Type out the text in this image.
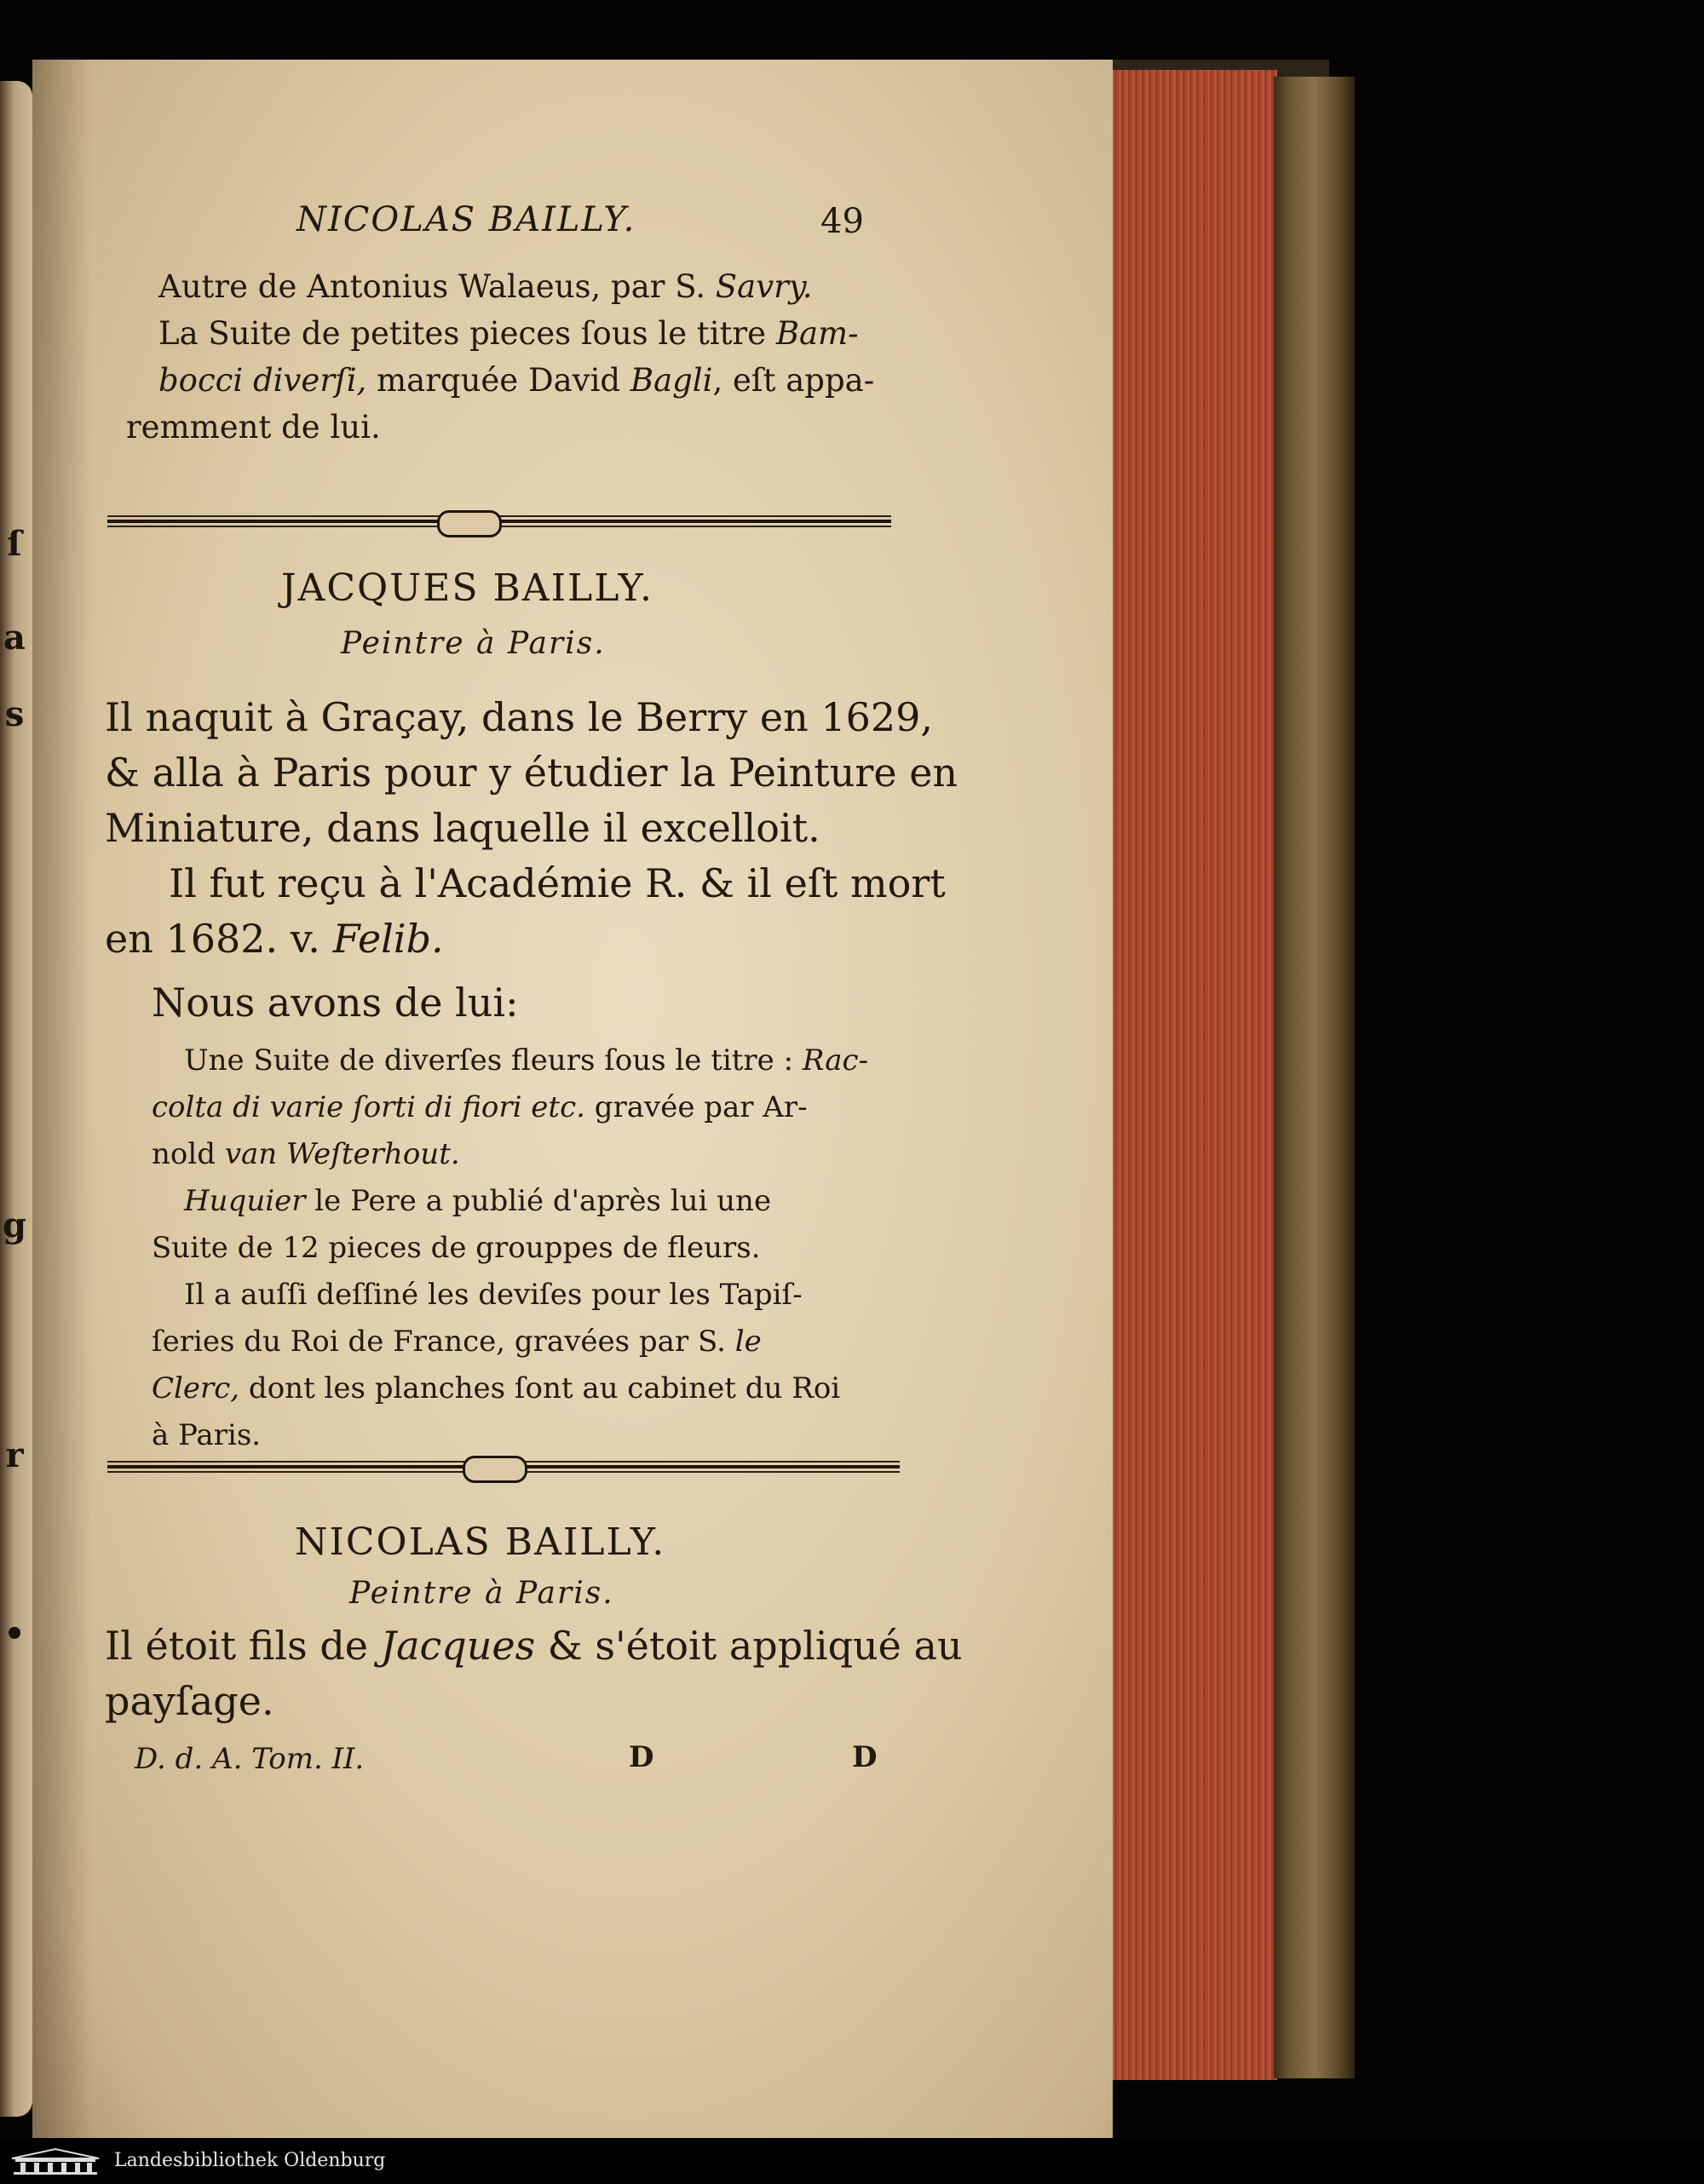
ſ
a
s
g
r
•
NICOLAS BAILLY.	49
Autre de Antonius Walaeus, par S. Savry.
La Suite de petites pieces ſous le titre Bam-
bocci diverſi, marquée David Bagli, eſt appa-
remment de lui.
JACQUES BAILLY.
Peintre à Paris.
Il naquit à Graçay, dans le Berry en 1629,
& alla à Paris pour y étudier la Peinture en
Miniature, dans laquelle il excelloit.
Il fut reçu à l'Académie R. & il eſt mort
en 1682. v. Felib.
Nous avons de lui:
Une Suite de diverſes fleurs ſous le titre : Rac-
colta di varie ſorti di fiori etc. gravée par Ar-
nold van Weſterhout.
Huquier le Pere a publié d'après lui une
Suite de 12 pieces de grouppes de fleurs.
Il a auſſi deſſiné les deviſes pour les Tapiſ-
ſeries du Roi de France, gravées par S. le
Clerc, dont les planches ſont au cabinet du Roi
à Paris.
NICOLAS BAILLY.
Peintre à Paris.
Il étoit fils de Jacques & s'étoit appliqué au
payſage.
D. d. A. Tom. II.	D	D
Landesbibliothek Oldenburg
